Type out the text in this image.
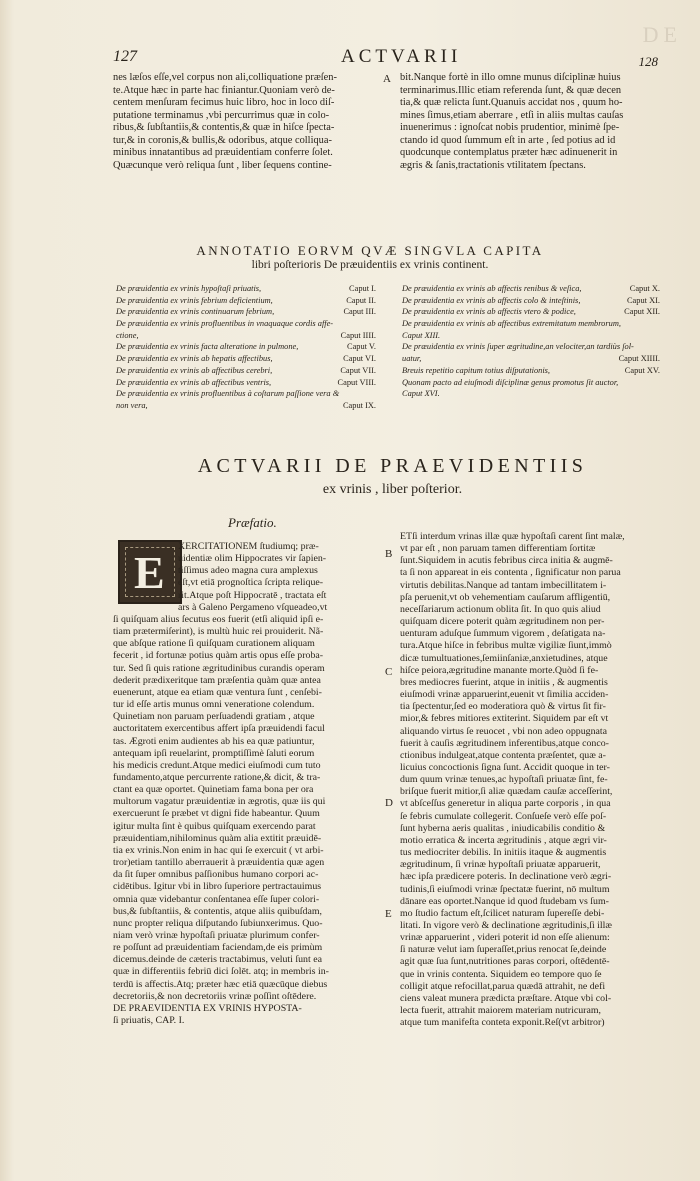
DE
127	ACTVARII	128
nes læſos eſſe,vel corpus non ali,colliquatione præſen-
te.Atque hæc in parte hac finiantur.Quoniam verò de-
centem menſuram fecimus huic libro, hoc in loco diſ-
putatione terminamus ,vbi percurrimus quæ in colo-
ribus,& ſubſtantiis,& contentis,& quæ in hiſce ſpecta-
tur,& in coronis,& bullis,& odoribus, atque colliqua-
minibus innatantibus ad præuidentiam conferre ſolet.
Quæcunque verò reliqua ſunt , liber ſequens contine-
bit.Nanque fortè in illo omne munus diſciplinæ huius
terminarimus.Illic etiam referenda ſunt, & quæ decen
tia,& quæ relicta ſunt.Quanuis accidat nos , quum ho-
mines ſimus,etiam aberrare , etſi in aliis multas cauſas
inuenerimus : ignoſcat nobis prudentior, minimè ſpe-
ctando id quod ſummum eſt in arte , ſed potius ad id
quodcunque contemplatus præter hæc adinuenerit in
ægris & ſanis,tractationis vtilitatem ſpectans.
A
B
C
D
E
ANNOTATIO EORVM QVÆ SINGVLA CAPITA
libri poſterioris De præuidentiis ex vrinis continent.
De præuidentia ex vrinis hypoſtaſi priuatis,	Caput I.
De præuidentia ex vrinis febrium deficientium,	Caput II.
De præuidentia ex vrinis continuarum febrium,	Caput III.
De præuidentia ex vrinis profluentibus in vnaquaque cordis affe-
ctione,	Caput IIII.
De præuidentia ex vrinis facta alteratione in pulmone,	Caput V.
De præuidentia ex vrinis ab hepatis affectibus,	Caput VI.
De præuidentia ex vrinis ab affectibus cerebri,	Caput VII.
De præuidentia ex vrinis ab affectibus ventris,	Caput VIII.
De præuidentia ex vrinis profluentibus à coſtarum paſſione vera &
non vera,	Caput IX.
De præuidentia ex vrinis ab affectis renibus & veſica,	Caput X.
De præuidentia ex vrinis ab affectis colo & inteſtinis,	Caput XI.
De præuidentia ex vrinis ab affectis vtero & podice,	Caput XII.
De præuidentia ex vrinis ab affectibus extremitatum membrorum,
Caput XIII.
De præuidentia ex vrinis ſuper ægritudine,an velociter,an tardiùs ſol-
uatur,	Caput XIIII.
Breuis repetitio capitum totius diſputationis,	Caput XV.
Quonam pacto ad eiuſmodi diſciplinæ genus promotus ſit auctor,
Caput XVI.
ACTVARII DE PRAEVIDENTIIS
ex vrinis , liber poſterior.
Præfatio.
E
XERCITATIONEM ſtudiumq; præ-
uidentiæ olim Hippocrates vir ſapien-
tiſſimus adeo magna cura amplexus
eſt,vt etiā prognoſtica ſcripta relique-
rit.Atque poſt Hippocratē , tractata eſt
ars à Galeno Pergameno vſqueadeo,vt
ſi quiſquam alius ſecutus eos fuerit (etſi aliquid ipſi e-
tiam prætermiſerint), is multù huic rei prouiderit. Nã-
que abſque ratione ſi quiſquam curationem aliquam
fecerit , id fortunæ potius quàm artis opus eſſe proba-
tur. Sed ſi quis ratione ægritudinibus curandis operam
dederit prædixeritque tam præſentia quàm quæ antea
euenerunt, atque ea etiam quæ ventura ſunt , cenſebi-
tur id eſſe artis munus omni veneratione colendum.
Quinetiam non paruam perſuadendi gratiam , atque
auctoritatem exercentibus affert ipſa præuidendi facul
tas. Ægroti enim audientes ab his ea quæ patiuntur,
antequam ipſi reuelarint, promptiſſimè ſaluti eorum
his medicis credunt.Atque medici eiuſmodi cum tuto
fundamento,atque percurrente ratione,& dicit, & tra-
ctant ea quæ oportet. Quinetiam fama bona per ora
multorum vagatur præuidentiæ in ægrotis, quæ iis qui
exercuerunt ſe præbet vt digni fide habeantur. Quum
igitur multa ſint è quibus quiſquam exercendo parat
præuidentiam,nihilominus quàm alia extitit præuidē-
tia ex vrinis.Non enim in hac qui ſe exercuit ( vt arbi-
tror)etiam tantillo aberrauerit à præuidentia quæ agen
da ſit ſuper omnibus paſſionibus humano corpori ac-
cidētibus. Igitur vbi in libro ſuperiore pertractauimus
omnia quæ videbantur conſentanea eſſe ſuper colori-
bus,& ſubſtantiis, & contentis, atque aliis quibuſdam,
nunc propter reliqua diſputando ſubiunxerimus. Quo-
niam verò vrinæ hypoſtaſi priuatæ plurimum confer-
re poſſunt ad præuidentiam faciendam,de eis primùm
dicemus.deinde de cæteris tractabimus, veluti ſunt ea
quæ in differentiis febriū dici ſolēt. atq; in membris in-
terdū is affectis.Atq; præter hæc etiā quæcūque diebus
decretoriis,& non decretoriis vrinæ poſſint oſtēdere.
DE PRAEVIDENTIA EX VRINIS HYPOSTA-
ſi priuatis, CAP. I.
ETſi interdum vrinas illæ quæ hypoſtaſi carent ſint malæ,
vt par eſt , non paruam tamen differentiam ſortitæ
ſunt.Siquidem in acutis febribus circa initia & augmē-
ta ſi non appareat in eis contenta , ſignificatur non parua
virtutis debilitas.Nanque ad tantam imbecillitatem i-
pſa peruenit,vt ob vehementiam cauſarum affligentiū,
neceſſariarum actionum oblita ſit. In quo quis aliud
quiſquam dicere poterit quàm ægritudinem non per-
uenturam aduſque ſummum vigorem , deſatigata na-
tura.Atque hiſce in febribus multæ vigiliæ ſiunt,immò
dicæ tumultuationes,ſemiinſaniæ,anxietudines, atque
hiſce peiora,ægritudine manante morte.Quòd ſi fe-
bres mediocres fuerint, atque in initiis , & augmentis
eiuſmodi vrinæ apparuerint,euenit vt ſimilia acciden-
tia ſpectentur,ſed eo moderatiora quò & virtus ſit fir-
mior,& febres mitiores extiterint. Siquidem par eſt vt
aliquando virtus ſe reuocet , vbi non adeo oppugnata
fuerit à cauſis ægritudinem inferentibus,atque conco-
ctionibus indulgeat,atque contenta præſentet, quæ a-
licuius concoctionis ſigna ſunt. Accidit quoque in ter-
dum quum vrinæ tenues,ac hypoſtaſi priuatæ ſint, fe-
briſque fuerit mitior,ſi aliæ quædam cauſæ acceſſerint,
vt abſceſſus generetur in aliqua parte corporis , in qua
ſe febris cumulate collegerit. Conſueſe verò eſſe poſ-
ſunt hyberna aeris qualitas , iniudicabilis conditio &
motio erratica & incerta ægritudinis , atque ægri vir-
tus mediocriter debilis. In initiis itaque & augmentis
ægritudinum, ſi vrinæ hypoſtaſi priuatæ apparuerit,
hæc ipſa prædicere poteris. In declinatione verò ægri-
tudinis,ſi eiuſmodi vrinæ ſpectatæ fuerint, nō multum
dānare eas oportet.Nanque id quod ſtudebam vs ſum-
mo ſtudio factum eſt,ſcilicet naturam ſupereſſe debi-
litati. In vigore verò & declinatione ægritudinis,ſi illæ
vrinæ apparuerint , videri poterit id non eſſe alienum:
ſi naturæ velut iam ſuperaſſet,prius renocat ſe,deinde
agit quæ ſua ſunt,nutritiones paras corpori, oſtēdentē-
que in vrinis contenta. Siquidem eo tempore quo ſe
colligit atque refocillat,parua quædā attrahit, ne defi
ciens valeat munera prædicta præſtare. Atque vbi col-
lecta fuerit, attrahit maiorem materiam nutricuram,
atque tum manifeſta conteta exponit.Reſ(vt arbitror)
